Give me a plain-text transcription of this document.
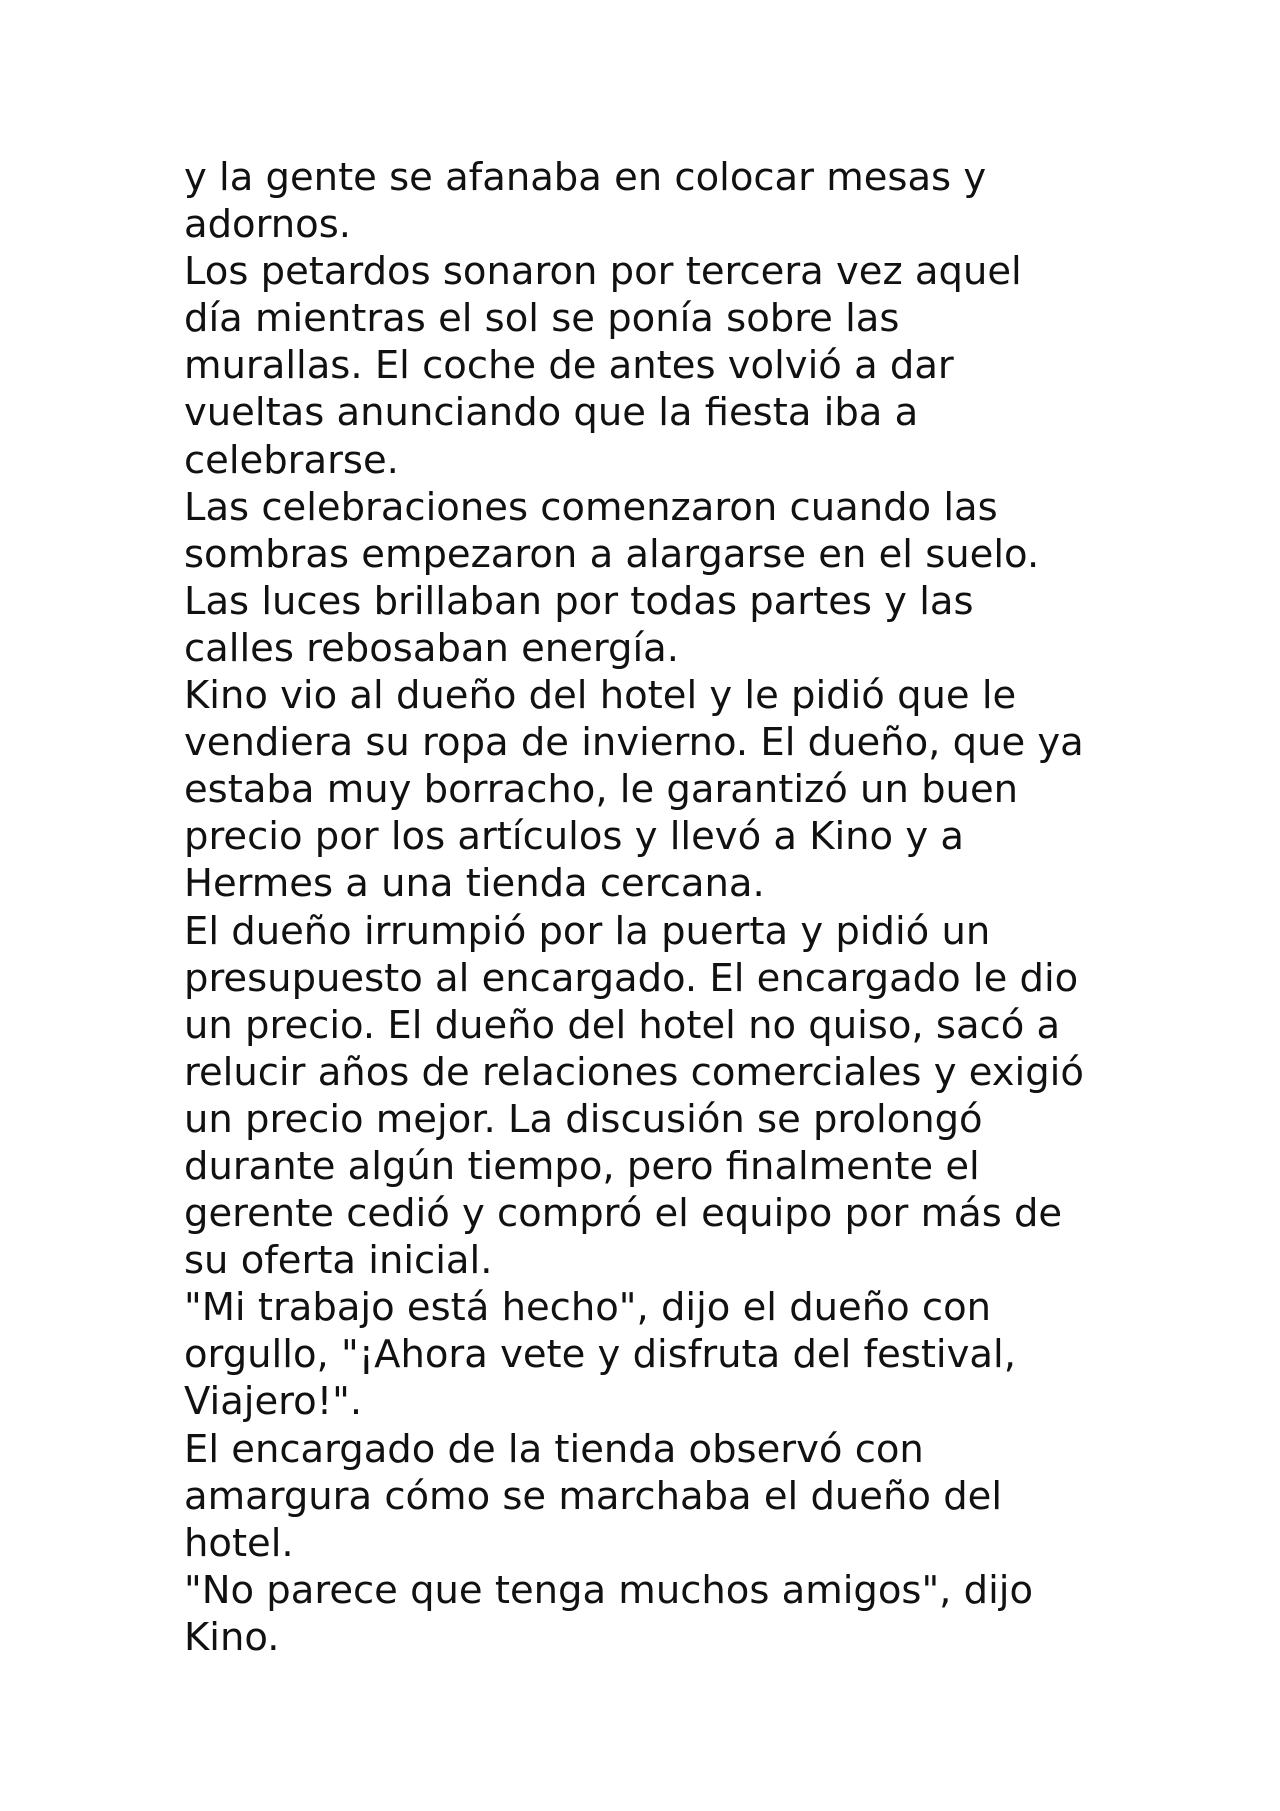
y la gente se afanaba en colocar mesas y
adornos.
Los petardos sonaron por tercera vez aquel
día mientras el sol se ponía sobre las
murallas. El coche de antes volvió a dar
vueltas anunciando que la fiesta iba a
celebrarse.
Las celebraciones comenzaron cuando las
sombras empezaron a alargarse en el suelo.
Las luces brillaban por todas partes y las
calles rebosaban energía.
Kino vio al dueño del hotel y le pidió que le
vendiera su ropa de invierno. El dueño, que ya
estaba muy borracho, le garantizó un buen
precio por los artículos y llevó a Kino y a
Hermes a una tienda cercana.
El dueño irrumpió por la puerta y pidió un
presupuesto al encargado. El encargado le dio
un precio. El dueño del hotel no quiso, sacó a
relucir años de relaciones comerciales y exigió
un precio mejor. La discusión se prolongó
durante algún tiempo, pero finalmente el
gerente cedió y compró el equipo por más de
su oferta inicial.
"Mi trabajo está hecho", dijo el dueño con
orgullo, "¡Ahora vete y disfruta del festival,
Viajero!".
El encargado de la tienda observó con
amargura cómo se marchaba el dueño del
hotel.
"No parece que tenga muchos amigos", dijo
Kino.
